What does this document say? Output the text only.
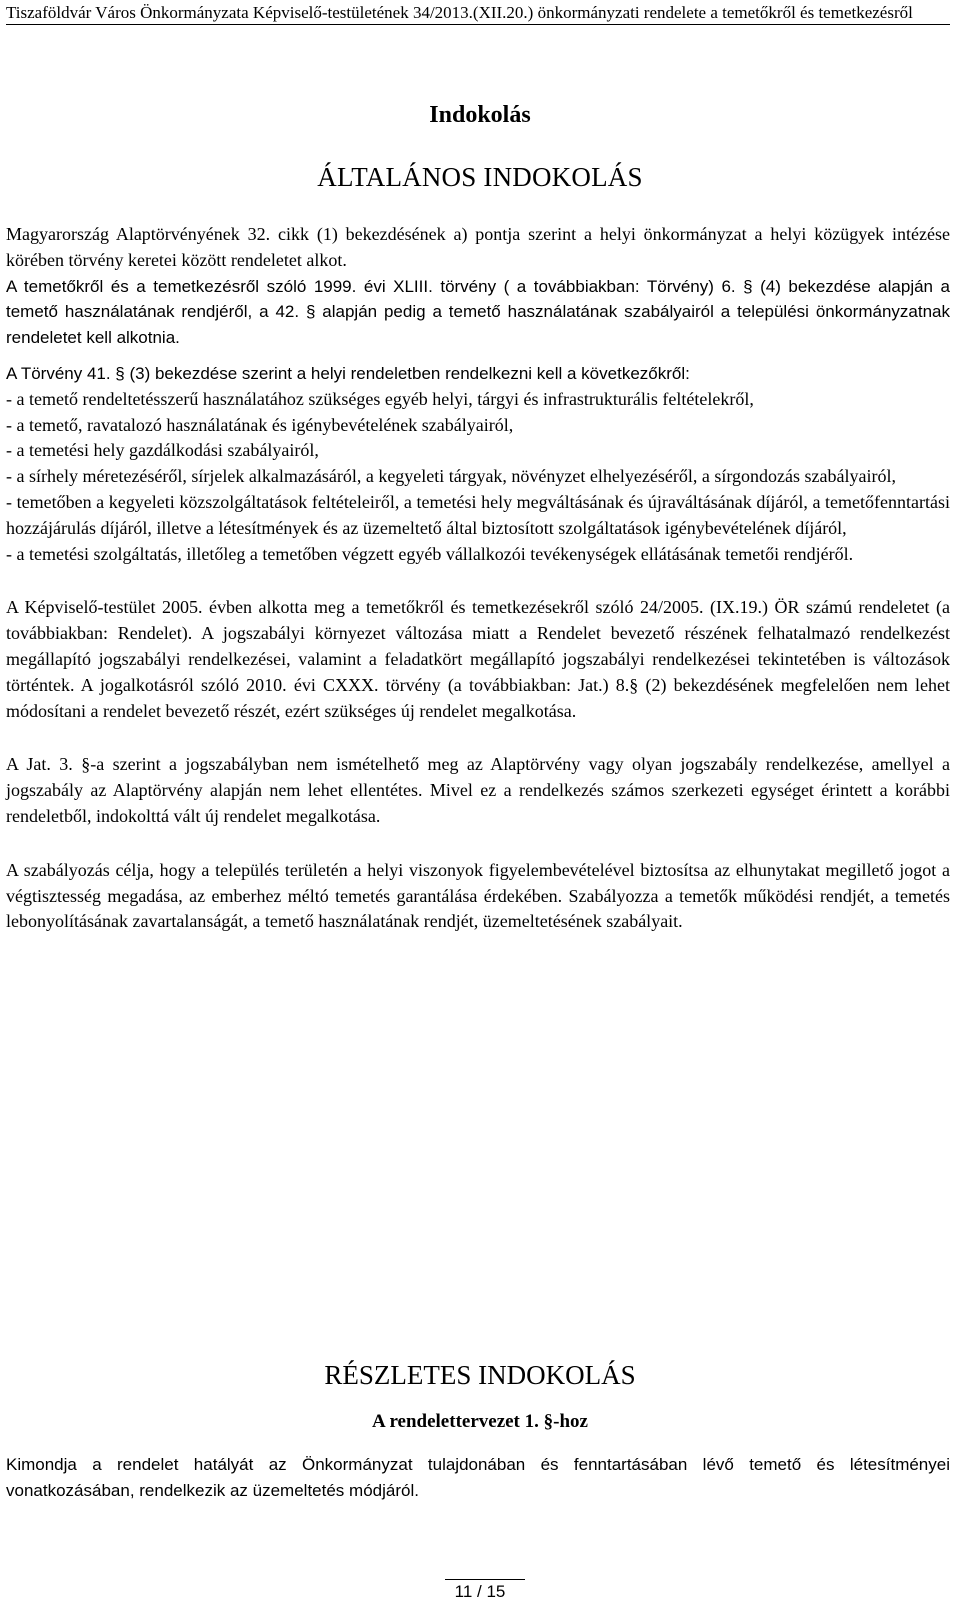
Tiszaföldvár Város Önkormányzata Képviselő-testületének 34/2013.(XII.20.) önkormányzati rendelete a temetőkről és temetkezésről
Indokolás
ÁLTALÁNOS INDOKOLÁS

Magyarország Alaptörvényének 32. cikk (1) bekezdésének a) pontja szerint a helyi önkormányzat a helyi közügyek intézése körében törvény keretei között rendeletet alkot.

A temetőkről és a temetkezésről szóló 1999. évi XLIII. törvény ( a továbbiakban: Törvény) 6. § (4) bekezdése alapján a temető használatának rendjéről, a 42. § alapján pedig a temető használatának szabályairól a települési önkormányzatnak rendeletet kell alkotnia.

A Törvény 41. § (3) bekezdése szerint a helyi rendeletben rendelkezni kell a következőkről:

- a temető rendeltetésszerű használatához szükséges egyéb helyi, tárgyi és infrastrukturális feltételekről,

- a temető, ravatalozó használatának és igénybevételének szabályairól,

- a temetési hely gazdálkodási szabályairól,

- a sírhely méretezéséről, sírjelek alkalmazásáról, a kegyeleti tárgyak, növényzet elhelyezéséről, a sírgondozás szabályairól,

- temetőben a kegyeleti közszolgáltatások feltételeiről, a temetési hely megváltásának és újraváltásának díjáról, a temetőfenntartási hozzájárulás díjáról, illetve a létesítmények és az üzemeltető által biztosított szolgáltatások igénybevételének díjáról,

- a temetési szolgáltatás, illetőleg a temetőben végzett egyéb vállalkozói tevékenységek ellátásának temetői rendjéről.

A Képviselő-testület 2005. évben alkotta meg a temetőkről és temetkezésekről szóló 24/2005. (IX.19.) ÖR számú rendeletet (a továbbiakban: Rendelet). A jogszabályi környezet változása miatt a Rendelet bevezető részének felhatalmazó rendelkezést megállapító jogszabályi rendelkezései, valamint a feladatkört megállapító jogszabályi rendelkezései tekintetében is változások történtek. A jogalkotásról szóló 2010. évi CXXX. törvény (a továbbiakban: Jat.) 8.§ (2) bekezdésének megfelelően nem lehet módosítani a rendelet bevezető részét, ezért szükséges új rendelet megalkotása.

A Jat. 3. §-a szerint a jogszabályban nem ismételhető meg az Alaptörvény vagy olyan jogszabály rendelkezése, amellyel a jogszabály az Alaptörvény alapján nem lehet ellentétes. Mivel ez a rendelkezés számos szerkezeti egységet érintett a korábbi rendeletből, indokolttá vált új rendelet megalkotása.

A szabályozás célja, hogy a település területén a helyi viszonyok figyelembevételével biztosítsa az elhunytakat megillető jogot a végtisztesség megadása, az emberhez méltó temetés garantálása érdekében. Szabályozza a temetők működési rendjét, a temetés lebonyolításának zavartalanságát, a temető használatának rendjét, üzemeltetésének szabályait.

RÉSZLETES INDOKOLÁS
A rendelettervezet 1. §-hoz

Kimondja a rendelet hatályát az Önkormányzat tulajdonában és fenntartásában lévő temető és létesítményei vonatkozásában, rendelkezik az üzemeltetés módjáról.

11 / 15
